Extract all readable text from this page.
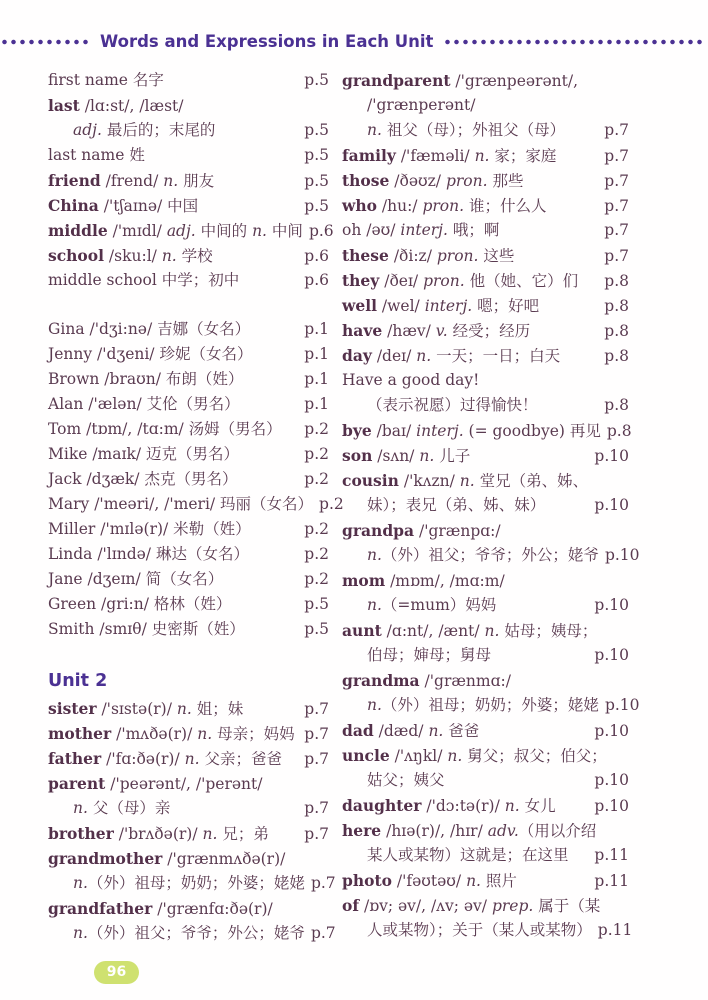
Words and Expressions in Each Unit
first name 名字	p.5
last /lɑ:st/, /læst/
adj. 最后的；末尾的	p.5
last name 姓	p.5
friend /frend/ n. 朋友	p.5
China /'tʃaɪnə/ 中国	p.5
middle /'mɪdl/ adj. 中间的 n. 中间 p.6
school /sku:l/ n. 学校	p.6
middle school 中学；初中	p.6
Gina /'dʒi:nə/ 吉娜（女名）	p.1
Jenny /'dʒeni/ 珍妮（女名）	p.1
Brown /braʊn/ 布朗（姓）	p.1
Alan /'ælən/ 艾伦（男名）	p.1
Tom /tɒm/, /tɑ:m/ 汤姆（男名）	p.2
Mike /maɪk/ 迈克（男名）	p.2
Jack /dʒæk/ 杰克（男名）	p.2
Mary /'meəri/, /'meri/ 玛丽（女名） p.2
Miller /'mɪlə(r)/ 米勒（姓）	p.2
Linda /'lɪndə/ 琳达（女名）	p.2
Jane /dʒeɪn/ 简（女名）	p.2
Green /gri:n/ 格林（姓）	p.5
Smith /smɪθ/ 史密斯（姓）	p.5
Unit 2
sister /'sɪstə(r)/ n. 姐；妹	p.7
mother /'mʌðə(r)/ n. 母亲；妈妈 p.7
father /'fɑ:ðə(r)/ n. 父亲；爸爸	p.7
parent /'peərənt/, /'perənt/
n. 父（母）亲	p.7
brother /'brʌðə(r)/ n. 兄；弟	p.7
grandmother /'grænmʌðə(r)/
n.（外）祖母；奶奶；外婆；姥姥 p.7
grandfather /'grænfɑ:ðə(r)/
n.（外）祖父；爷爷；外公；姥爷 p.7
grandparent /'grænpeərənt/,
/'grænperənt/
n. 祖父（母）；外祖父（母）	p.7
family /'fæməli/ n. 家；家庭	p.7
those /ðəʊz/ pron. 那些	p.7
who /hu:/ pron. 谁；什么人	p.7
oh /əʊ/ interj. 哦；啊	p.7
these /ði:z/ pron. 这些	p.7
they /ðeɪ/ pron. 他（她、它）们	p.8
well /wel/ interj. 嗯；好吧	p.8
have /hæv/ v. 经受；经历	p.8
day /deɪ/ n. 一天；一日；白天	p.8
Have a good day!
（表示祝愿）过得愉快！	p.8
bye /baɪ/ interj. (= goodbye) 再见 p.8
son /sʌn/ n. 儿子	p.10
cousin /'kʌzn/ n. 堂兄（弟、姊、
妹）；表兄（弟、姊、妹）	p.10
grandpa /'grænpɑ:/
n.（外）祖父；爷爷；外公；姥爷 p.10
mom /mɒm/, /mɑ:m/
n.（=mum）妈妈	p.10
aunt /ɑ:nt/, /ænt/ n. 姑母；姨母；
伯母；婶母；舅母	p.10
grandma /'grænmɑ:/
n.（外）祖母；奶奶；外婆；姥姥 p.10
dad /dæd/ n. 爸爸	p.10
uncle /'ʌŋkl/ n. 舅父；叔父；伯父；
姑父；姨父	p.10
daughter /'dɔ:tə(r)/ n. 女儿	p.10
here /hɪə(r)/, /hɪr/ adv.（用以介绍
某人或某物）这就是；在这里	p.11
photo /'fəʊtəʊ/ n. 照片	p.11
of /ɒv; əv/, /ʌv; əv/ prep. 属于（某
人或某物）；关于（某人或某物） p.11
96
